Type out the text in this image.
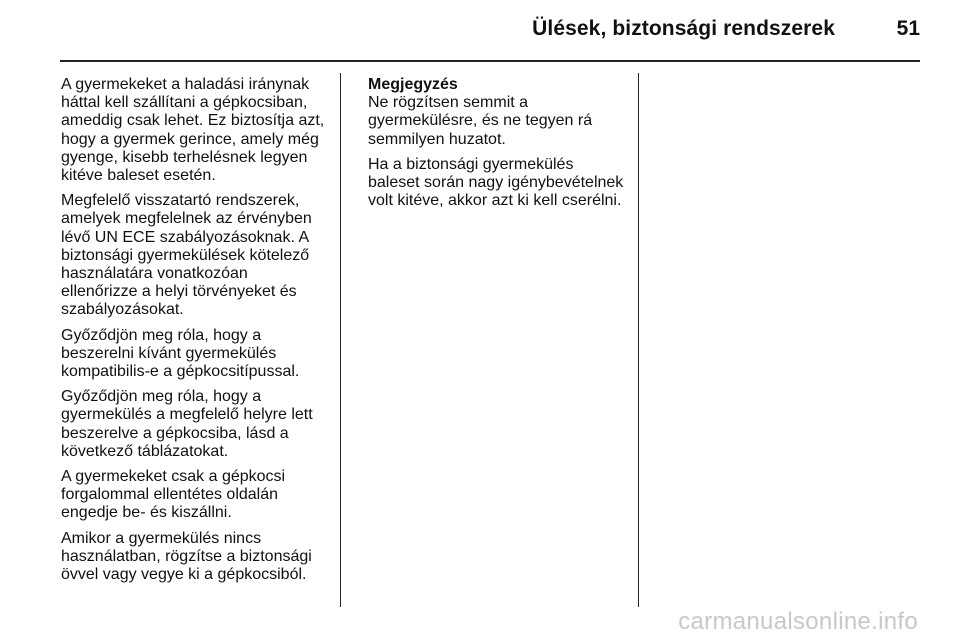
Ülések, biztonsági rendszerek	51

A gyermekeket a haladási iránynak
háttal kell szállítani a gépkocsiban,
ameddig csak lehet. Ez biztosítja azt,
hogy a gyermek gerince, amely még
gyenge, kisebb terhelésnek legyen
kitéve baleset esetén.

Megfelelő visszatartó rendszerek,
amelyek megfelelnek az érvényben
lévő UN ECE szabályozásoknak. A
biztonsági gyermekülések kötelező
használatára vonatkozóan
ellenőrizze a helyi törvényeket és
szabályozásokat.

Győződjön meg róla, hogy a
beszerelni kívánt gyermekülés
kompatibilis-e a gépkocsitípussal.

Győződjön meg róla, hogy a
gyermekülés a megfelelő helyre lett
beszerelve a gépkocsiba, lásd a
következő táblázatokat.

A gyermekeket csak a gépkocsi
forgalommal ellentétes oldalán
engedje be- és kiszállni.

Amikor a gyermekülés nincs
használatban, rögzítse a biztonsági
övvel vagy vegye ki a gépkocsiból.

Megjegyzés

Ne rögzítsen semmit a
gyermekülésre, és ne tegyen rá
semmilyen huzatot.

Ha a biztonsági gyermekülés
baleset során nagy igénybevételnek
volt kitéve, akkor azt ki kell cserélni.

carmanualsonline.info
